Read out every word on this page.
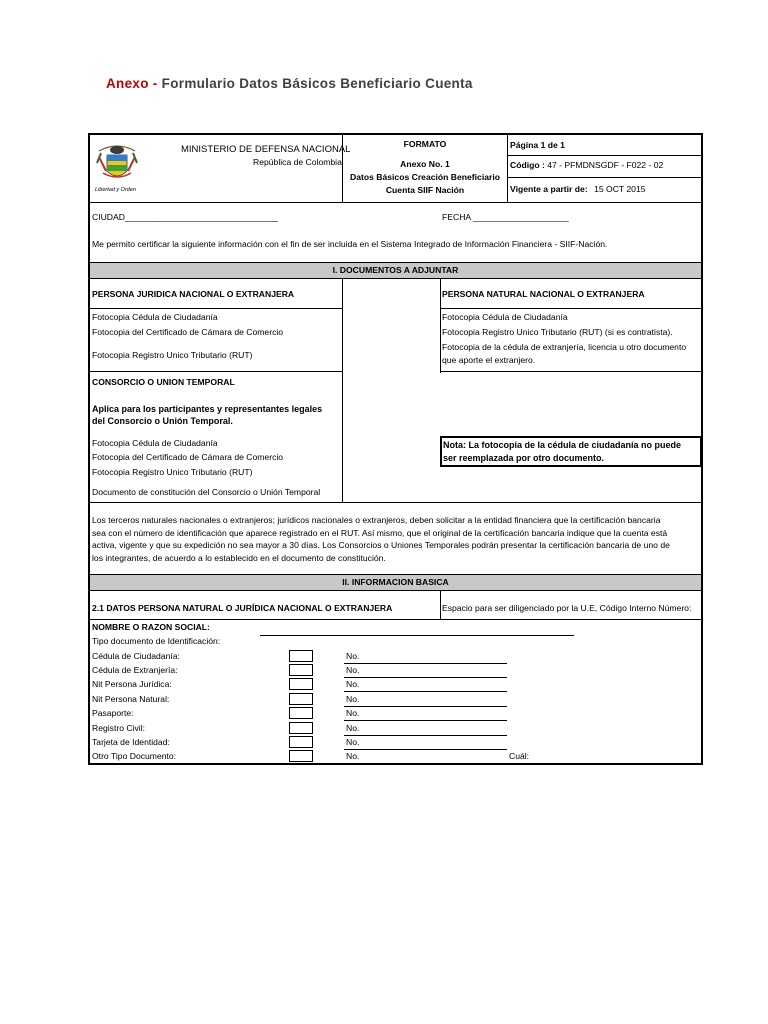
Anexo - Formulario Datos Básicos Beneficiario Cuenta
Libertad y Orden
MINISTERIO DE DEFENSA NACIONAL
República de Colombia
FORMATO
Anexo No. 1
Datos Básicos Creación Beneficiario
Cuenta SIIF Nación
Página 1 de 1
Código : 47 - PFMDNSGDF - F022 - 02
Vigente a partir de: 15 OCT 2015
CIUDAD________________________________	FECHA ____________________
Me permito certificar la siguiente información con el fin de ser incluida en el Sistema Integrado de Información Financiera - SIIF-Nación.
I. DOCUMENTOS A ADJUNTAR
PERSONA JURIDICA NACIONAL O EXTRANJERA	PERSONA NATURAL NACIONAL O EXTRANJERA
Fotocopia Cédula de Ciudadanía
Fotocopia del Certificado de Cámara de Comercio
Fotocopia Registro Unico Tributario (RUT)
Fotocopia Cédula de Ciudadanía
Fotocopia Registro Unico Tributario (RUT) (si es contratista).
Fotocopia de la cédula de extranjería, licencia u otro documento
que aporte el extranjero.
CONSORCIO O UNION TEMPORAL
Aplica para los participantes y representantes legales
del Consorcio o Unión Temporal.
Fotocopia Cédula de Ciudadanía
Fotocopia del Certificado de Cámara de Comercio
Fotocopia Registro Unico Tributario (RUT)
Documento de constitución del Consorcio o Unión Temporal
Nota: La fotocopia de la cédula de ciudadanía no puede
ser reemplazada por otro documento.
Los terceros naturales nacionales o extranjeros; jurídicos nacionales o extranjeros, deben solicitar a la entidad financiera que la certificación bancaria
sea con el número de identificación que aparece registrado en el RUT. Así mismo, que el original de la certificación bancaria indique que la cuenta está
activa, vigente y que su expedición no sea mayor a 30 días. Los Consorcios o Uniones Temporales podrán presentar la certificación bancaria de uno de
los integrantes, de acuerdo a lo establecido en el documento de constitución.
II. INFORMACION BASICA
2.1 DATOS PERSONA NATURAL O JURÍDICA NACIONAL O EXTRANJERA	Espacio para ser diligenciado por la U.E, Código Interno Número:
NOMBRE O RAZON SOCIAL:
Tipo documento de Identificación:
Cédula de Ciudadanía:	No.
Cédula de Extranjería:	No.
Nit Persona Jurídica:	No.
Nit Persona Natural:	No.
Pasaporte:	No.
Registro Civil:	No.
Tarjeta de Identidad:	No.
Otro Tipo Documento:	No.	Cuál:
